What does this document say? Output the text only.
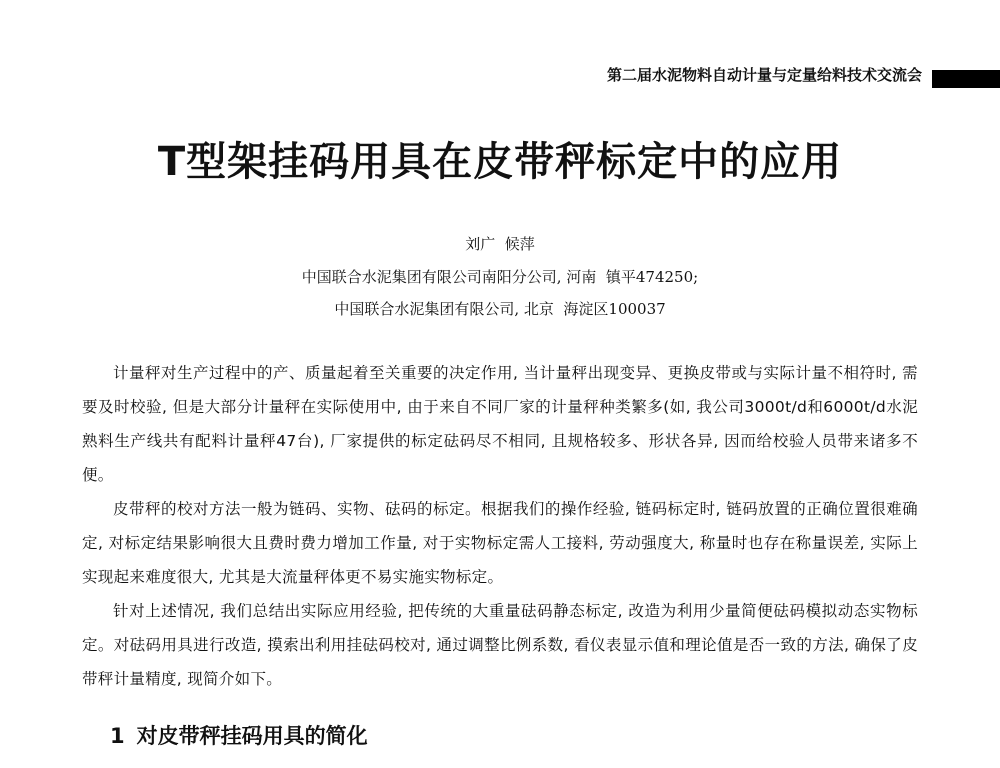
第二届水泥物料自动计量与定量给料技术交流会
T型架挂码用具在皮带秤标定中的应用
刘广  候萍
中国联合水泥集团有限公司南阳分公司, 河南  镇平474250;
中国联合水泥集团有限公司, 北京  海淀区100037

计量秤对生产过程中的产、质量起着至关重要的决定作用, 当计量秤出现变异、更换皮带或与实际计量不相符时, 需要及时校验, 但是大部分计量秤在实际使用中, 由于来自不同厂家的计量秤种类繁多(如, 我公司3000t/d和6000t/d水泥熟料生产线共有配料计量秤47台), 厂家提供的标定砝码尽不相同, 且规格较多、形状各异, 因而给校验人员带来诸多不便。

皮带秤的校对方法一般为链码、实物、砝码的标定。根据我们的操作经验, 链码标定时, 链码放置的正确位置很难确定, 对标定结果影响很大且费时费力增加工作量, 对于实物标定需人工接料, 劳动强度大, 称量时也存在称量误差, 实际上实现起来难度很大, 尤其是大流量秤体更不易实施实物标定。

针对上述情况, 我们总结出实际应用经验, 把传统的大重量砝码静态标定, 改造为利用少量简便砝码模拟动态实物标定。对砝码用具进行改造, 摸索出利用挂砝码校对, 通过调整比例系数, 看仪表显示值和理论值是否一致的方法, 确保了皮带秤计量精度, 现简介如下。

1 对皮带秤挂码用具的简化
